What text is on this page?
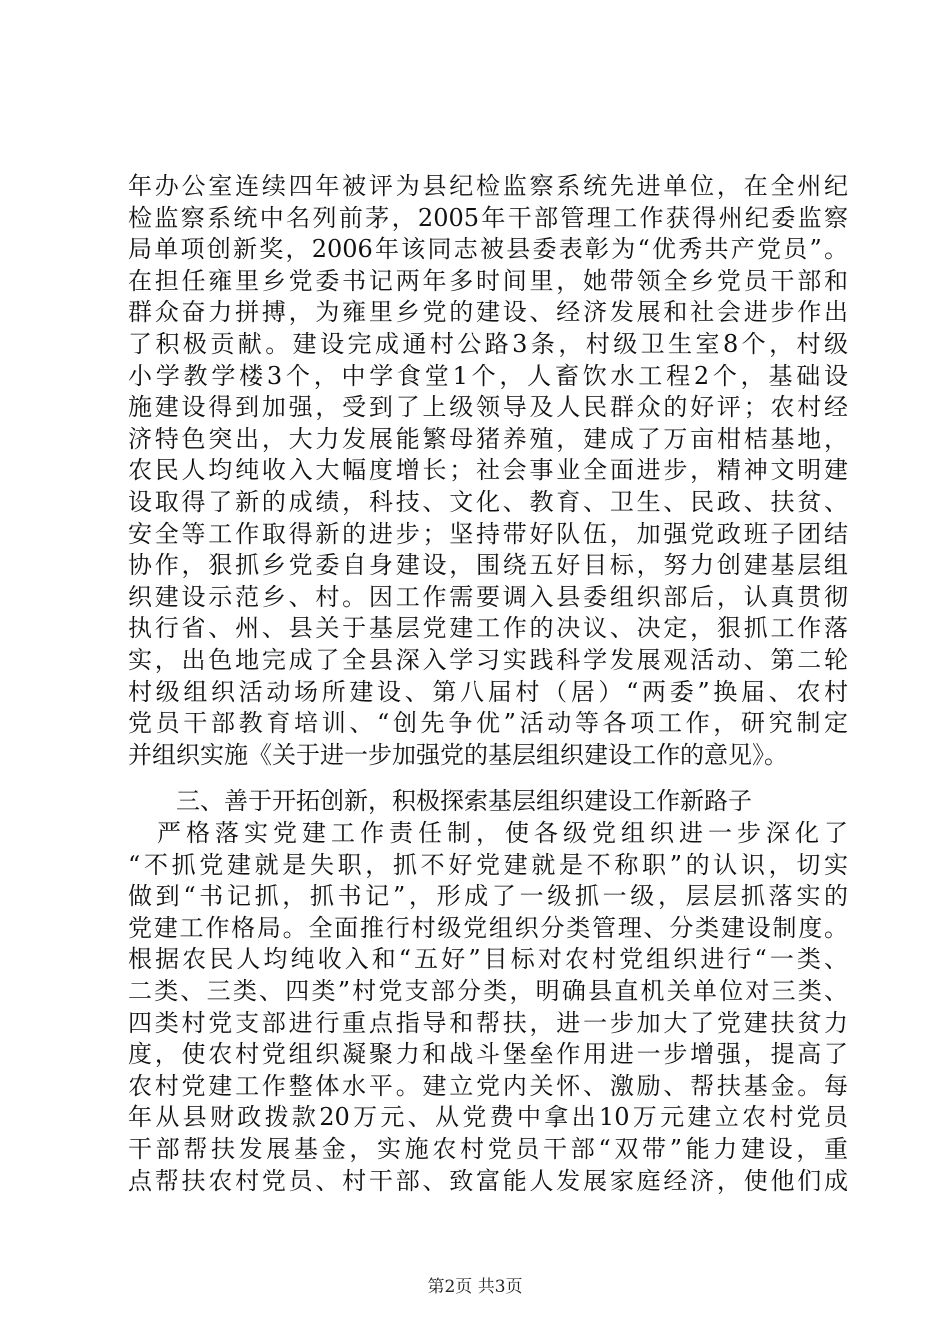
年办公室连续四年被评为县纪检监察系统先进单位，在全州纪
检监察系统中名列前茅，2005年干部管理工作获得州纪委监察
局单项创新奖，2006年该同志被县委表彰为“优秀共产党员”。
在担任雍里乡党委书记两年多时间里，她带领全乡党员干部和
群众奋力拼搏，为雍里乡党的建设、经济发展和社会进步作出
了积极贡献。建设完成通村公路3条，村级卫生室8个，村级
小学教学楼3个，中学食堂1个，人畜饮水工程2个，基础设
施建设得到加强，受到了上级领导及人民群众的好评；农村经
济特色突出，大力发展能繁母猪养殖，建成了万亩柑桔基地，
农民人均纯收入大幅度增长；社会事业全面进步，精神文明建
设取得了新的成绩，科技、文化、教育、卫生、民政、扶贫、
安全等工作取得新的进步；坚持带好队伍，加强党政班子团结
协作，狠抓乡党委自身建设，围绕五好目标，努力创建基层组
织建设示范乡、村。因工作需要调入县委组织部后，认真贯彻
执行省、州、县关于基层党建工作的决议、决定，狠抓工作落
实，出色地完成了全县深入学习实践科学发展观活动、第二轮
村级组织活动场所建设、第八届村（居）“两委”换届、农村
党员干部教育培训、“创先争优”活动等各项工作，研究制定
并组织实施《关于进一步加强党的基层组织建设工作的意见》。
三、善于开拓创新，积极探索基层组织建设工作新路子
　严格落实党建工作责任制，使各级党组织进一步深化了
“不抓党建就是失职，抓不好党建就是不称职”的认识，切实
做到“书记抓，抓书记”，形成了一级抓一级，层层抓落实的
党建工作格局。全面推行村级党组织分类管理、分类建设制度。
根据农民人均纯收入和“五好”目标对农村党组织进行“一类、
二类、三类、四类”村党支部分类，明确县直机关单位对三类、
四类村党支部进行重点指导和帮扶，进一步加大了党建扶贫力
度，使农村党组织凝聚力和战斗堡垒作用进一步增强，提高了
农村党建工作整体水平。建立党内关怀、激励、帮扶基金。每
年从县财政拨款20万元、从党费中拿出10万元建立农村党员
干部帮扶发展基金，实施农村党员干部“双带”能力建设，重
点帮扶农村党员、村干部、致富能人发展家庭经济，使他们成
第2页 共3页
